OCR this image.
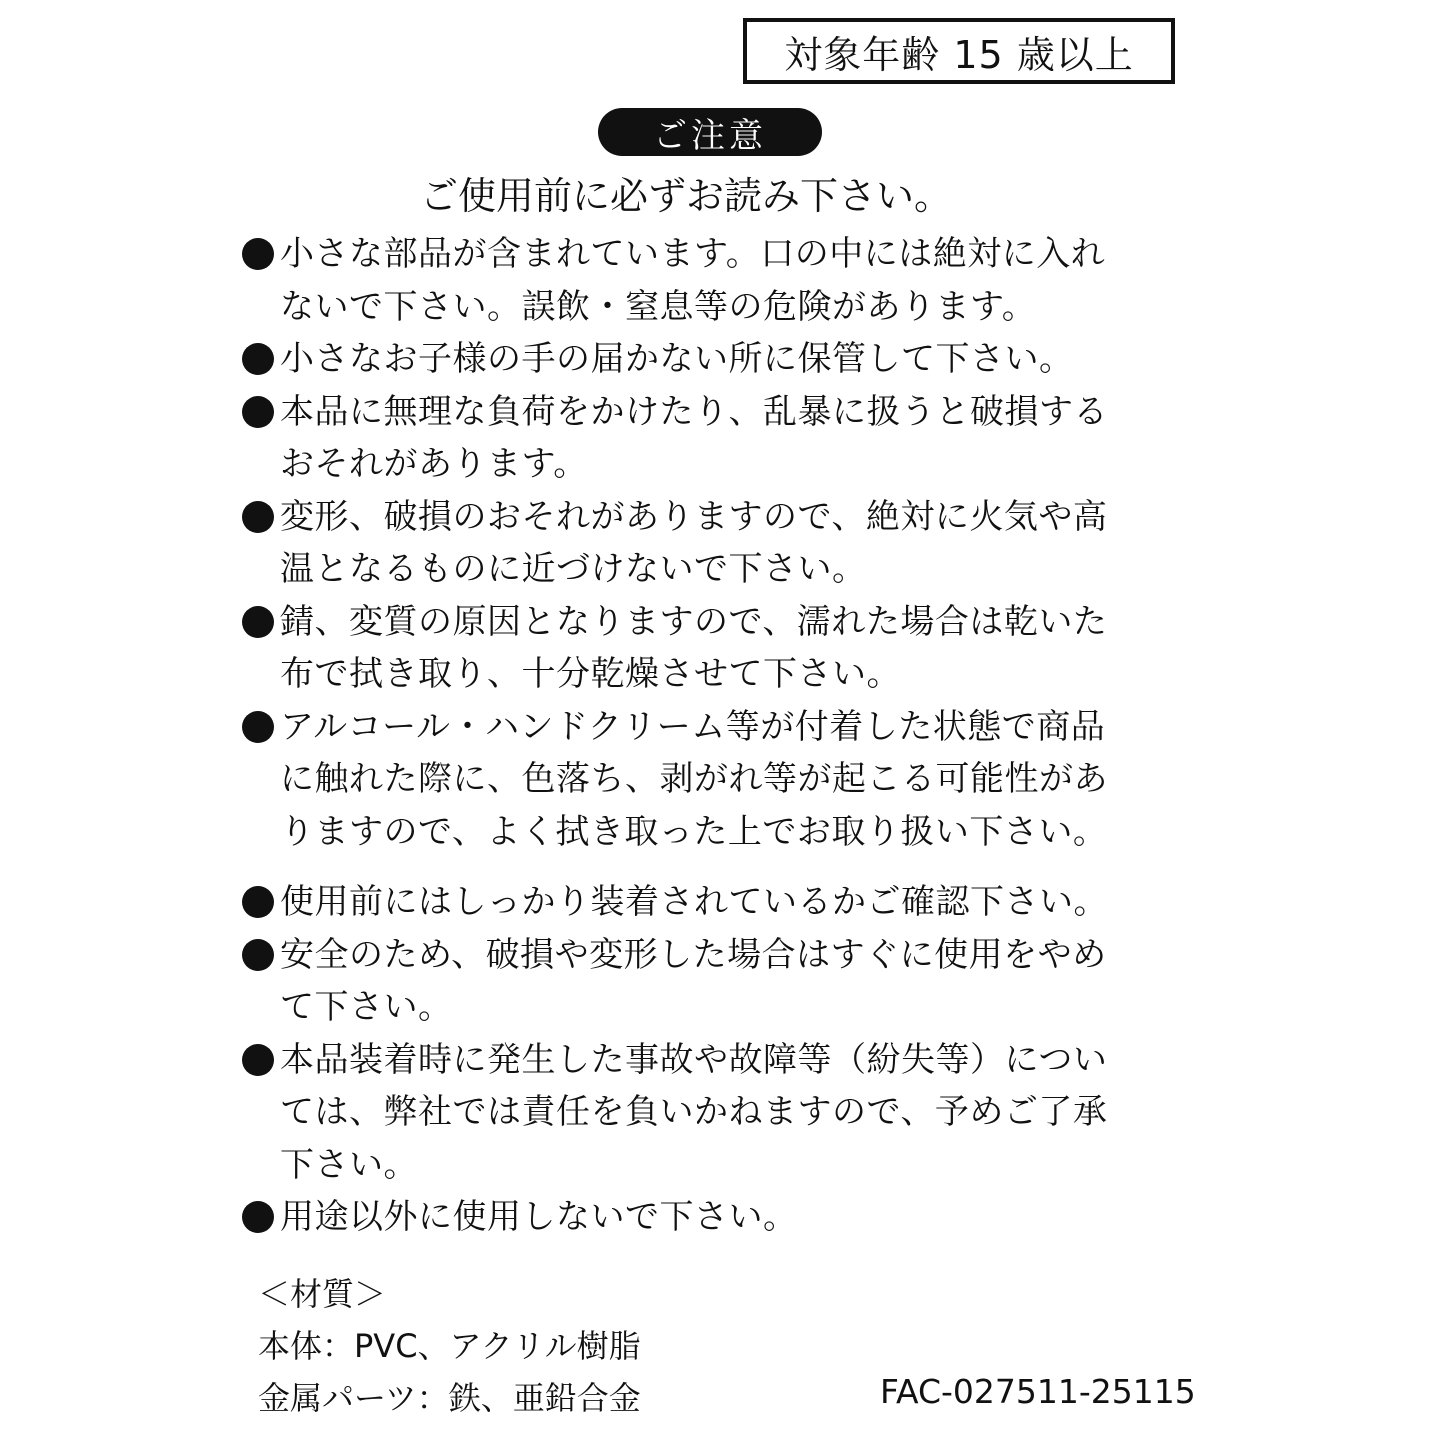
対象年齢 15 歳以上
ご注意
ご使用前に必ずお読み下さい。
小さな部品が含まれています。口の中には絶対に入れ
ないで下さい。誤飲・窒息等の危険があります。
小さなお子様の手の届かない所に保管して下さい。
本品に無理な負荷をかけたり、乱暴に扱うと破損する
おそれがあります。
変形、破損のおそれがありますので、絶対に火気や高
温となるものに近づけないで下さい。
錆、変質の原因となりますので、濡れた場合は乾いた
布で拭き取り、十分乾燥させて下さい。
アルコール・ハンドクリーム等が付着した状態で商品
に触れた際に、色落ち、剥がれ等が起こる可能性があ
りますので、よく拭き取った上でお取り扱い下さい。
使用前にはしっかり装着されているかご確認下さい。
安全のため、破損や変形した場合はすぐに使用をやめ
て下さい。
本品装着時に発生した事故や故障等（紛失等）につい
ては、弊社では責任を負いかねますので、予めご了承
下さい。
用途以外に使用しないで下さい。
＜材質＞
本体：PVC、アクリル樹脂
金属パーツ：鉄、亜鉛合金	FAC-027511-25115
